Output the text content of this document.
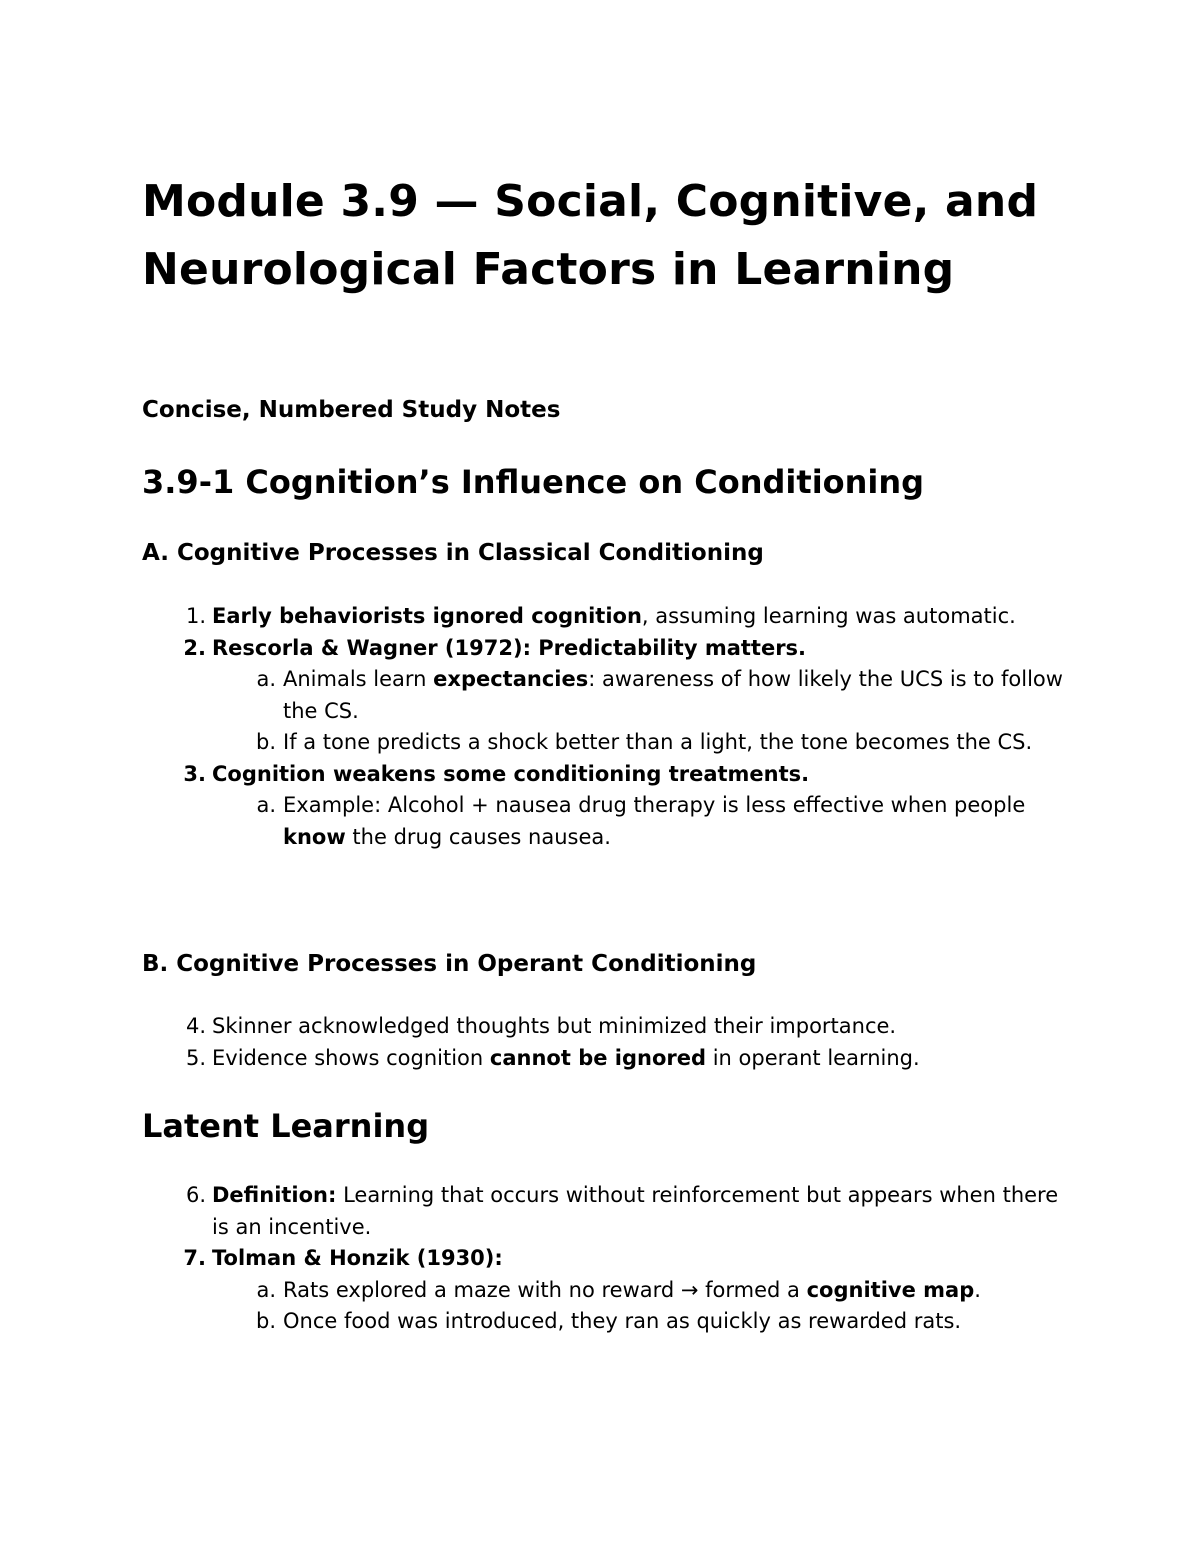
Module 3.9 — Social, Cognitive, and Neurological Factors in Learning

Concise, Numbered Study Notes

3.9-1 Cognition’s Influence on Conditioning
A. Cognitive Processes in Classical Conditioning
1. Early behaviorists ignored cognition, assuming learning was automatic.
2. Rescorla & Wagner (1972): Predictability matters.
a. Animals learn expectancies: awareness of how likely the UCS is to follow the CS.
b. If a tone predicts a shock better than a light, the tone becomes the CS.
3. Cognition weakens some conditioning treatments.
a. Example: Alcohol + nausea drug therapy is less effective when people know the drug causes nausea.
B. Cognitive Processes in Operant Conditioning
4. Skinner acknowledged thoughts but minimized their importance.
5. Evidence shows cognition cannot be ignored in operant learning.
Latent Learning
6. Definition: Learning that occurs without reinforcement but appears when there is an incentive.
7. Tolman & Honzik (1930):
a. Rats explored a maze with no reward → formed a cognitive map.
b. Once food was introduced, they ran as quickly as rewarded rats.
